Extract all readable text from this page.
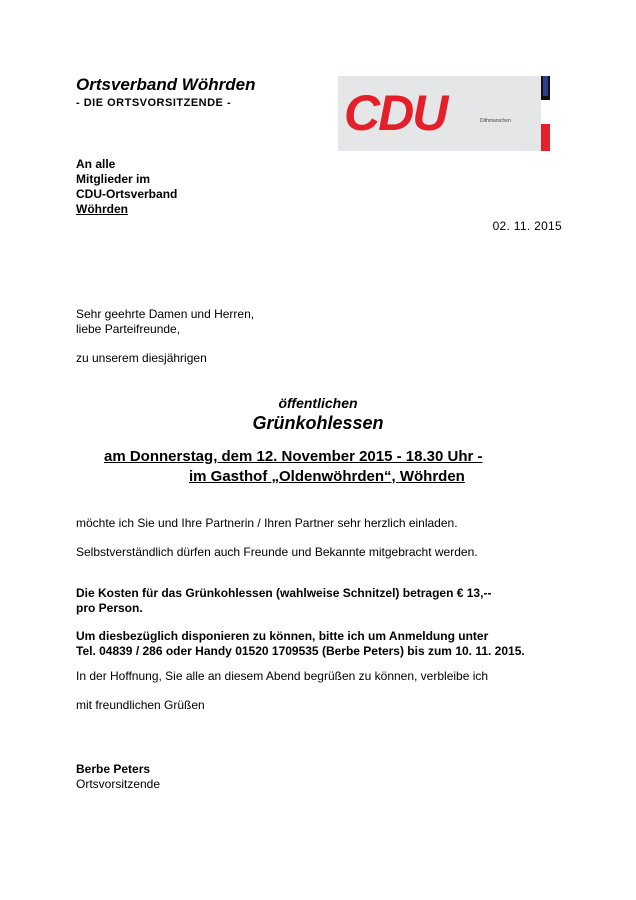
Ortsverband Wöhrden
- DIE ORTSVORSITZENDE - CDU	Dithmarschen
An alle
Mitglieder im
CDU-Ortsverband
Wöhrden
02. 11. 2015
Sehr geehrte Damen und Herren,
liebe Parteifreunde,
zu unserem diesjährigen
öffentlichen
Grünkohlessen
am Donnerstag, dem 12. November 2015 - 18.30 Uhr -
im Gasthof „Oldenwöhrden“, Wöhrden
möchte ich Sie und Ihre Partnerin / Ihren Partner sehr herzlich einladen.
Selbstverständlich dürfen auch Freunde und Bekannte mitgebracht werden.
Die Kosten für das Grünkohlessen (wahlweise Schnitzel) betragen € 13,--
pro Person.
Um diesbezüglich disponieren zu können, bitte ich um Anmeldung unter
Tel. 04839 / 286 oder Handy 01520 1709535 (Berbe Peters) bis zum 10. 11. 2015.
In der Hoffnung, Sie alle an diesem Abend begrüßen zu können, verbleibe ich
mit freundlichen Grüßen
Berbe Peters
Ortsvorsitzende
